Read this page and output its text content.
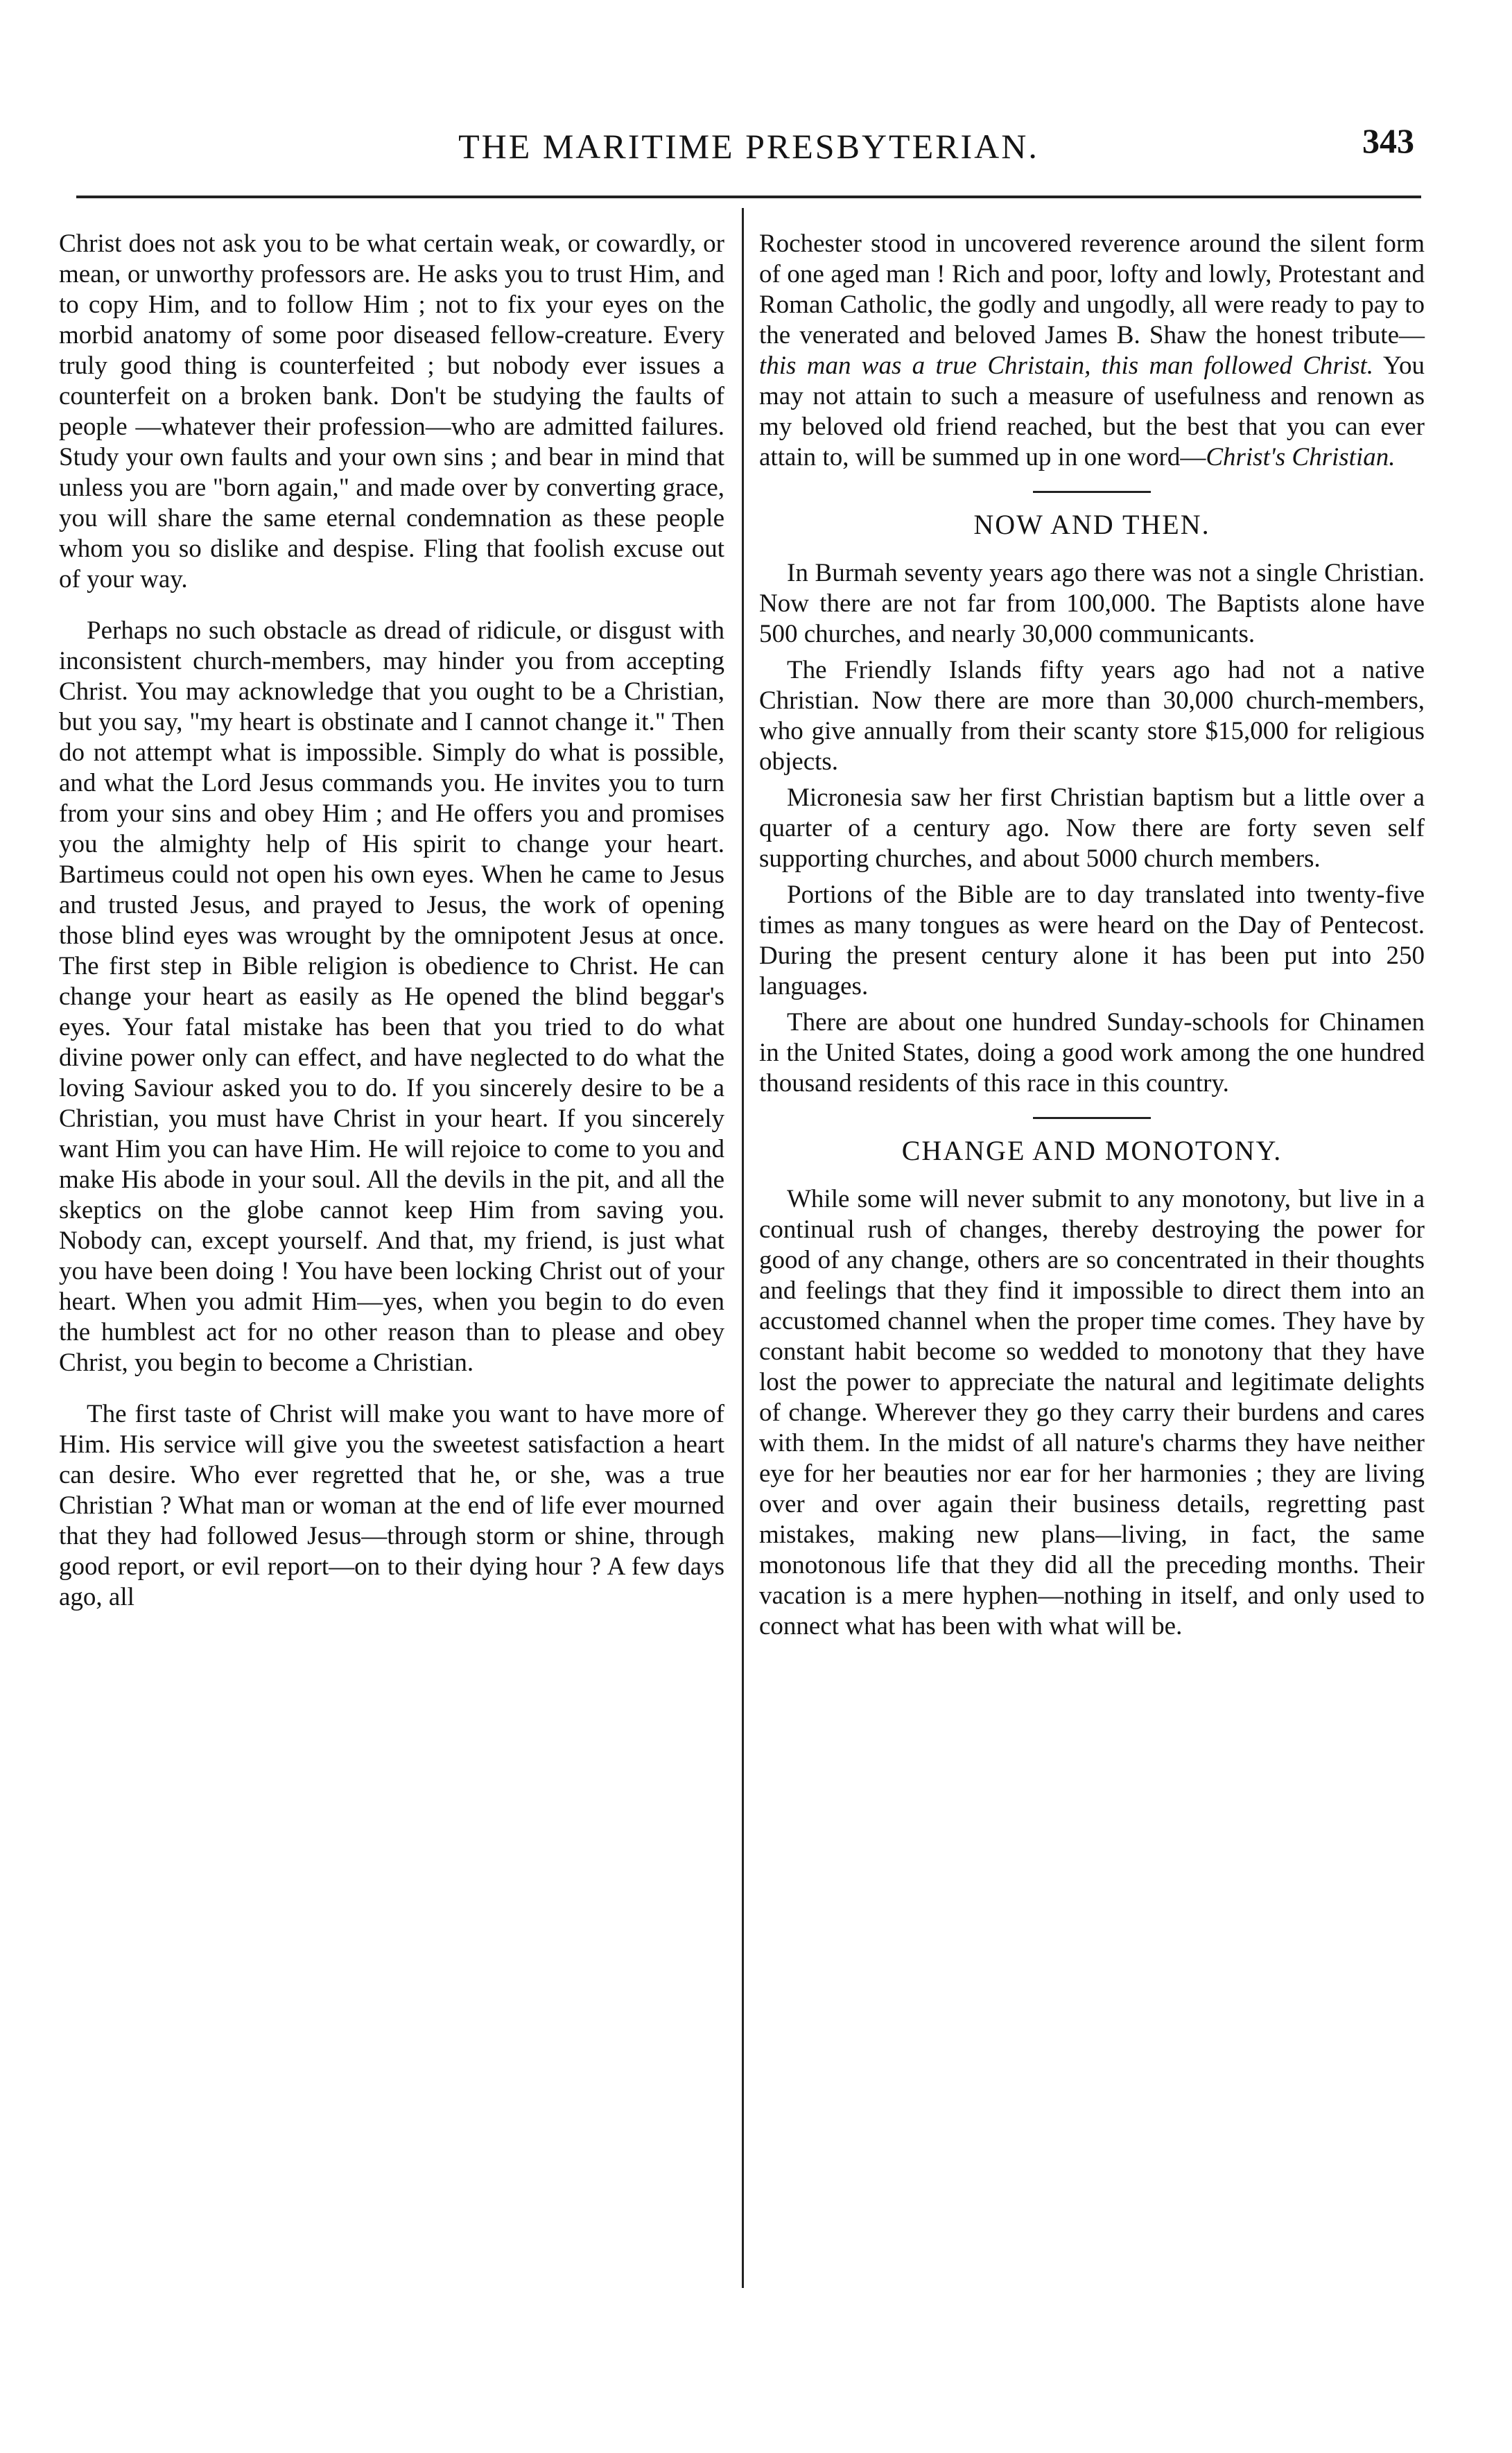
THE MARITIME PRESBYTERIAN.	343

Christ does not ask you to be what certain weak, or cowardly, or mean, or unworthy professors are. He asks you to trust Him, and to copy Him, and to follow Him ; not to fix your eyes on the morbid anatomy of some poor diseased fellow-creature. Every truly good thing is counterfeited ; but nobody ever issues a counterfeit on a broken bank. Don't be studying the faults of people —whatever their profession—who are admitted failures. Study your own faults and your own sins ; and bear in mind that unless you are "born again," and made over by converting grace, you will share the same eternal condemnation as these people whom you so dislike and despise. Fling that foolish excuse out of your way.

Perhaps no such obstacle as dread of ridicule, or disgust with inconsistent church-members, may hinder you from accepting Christ. You may acknowledge that you ought to be a Christian, but you say, "my heart is obstinate and I cannot change it." Then do not attempt what is impossible. Simply do what is possible, and what the Lord Jesus commands you. He invites you to turn from your sins and obey Him ; and He offers you and promises you the almighty help of His spirit to change your heart. Bartimeus could not open his own eyes. When he came to Jesus and trusted Jesus, and prayed to Jesus, the work of opening those blind eyes was wrought by the omnipotent Jesus at once. The first step in Bible religion is obedience to Christ. He can change your heart as easily as He opened the blind beggar's eyes. Your fatal mistake has been that you tried to do what divine power only can effect, and have neglected to do what the loving Saviour asked you to do. If you sincerely desire to be a Christian, you must have Christ in your heart. If you sincerely want Him you can have Him. He will rejoice to come to you and make His abode in your soul. All the devils in the pit, and all the skeptics on the globe cannot keep Him from saving you. Nobody can, except yourself. And that, my friend, is just what you have been doing ! You have been locking Christ out of your heart. When you admit Him—yes, when you begin to do even the humblest act for no other reason than to please and obey Christ, you begin to become a Christian.

The first taste of Christ will make you want to have more of Him. His service will give you the sweetest satisfaction a heart can desire. Who ever regretted that he, or she, was a true Christian ? What man or woman at the end of life ever mourned that they had followed Jesus—through storm or shine, through good report, or evil report—on to their dying hour ? A few days ago, all

Rochester stood in uncovered reverence around the silent form of one aged man ! Rich and poor, lofty and lowly, Protestant and Roman Catholic, the godly and ungodly, all were ready to pay to the venerated and beloved James B. Shaw the honest tribute—this man was a true Christain, this man followed Christ. You may not attain to such a measure of usefulness and renown as my beloved old friend reached, but the best that you can ever attain to, will be summed up in one word—Christ's Christian.

NOW AND THEN.

In Burmah seventy years ago there was not a single Christian. Now there are not far from 100,000. The Baptists alone have 500 churches, and nearly 30,000 communicants.

The Friendly Islands fifty years ago had not a native Christian. Now there are more than 30,000 church-members, who give annually from their scanty store $15,000 for religious objects.

Micronesia saw her first Christian baptism but a little over a quarter of a century ago. Now there are forty seven self supporting churches, and about 5000 church members.

Portions of the Bible are to day translated into twenty-five times as many tongues as were heard on the Day of Pentecost. During the present century alone it has been put into 250 languages.

There are about one hundred Sunday-schools for Chinamen in the United States, doing a good work among the one hundred thousand residents of this race in this country.

CHANGE AND MONOTONY.

While some will never submit to any monotony, but live in a continual rush of changes, thereby destroying the power for good of any change, others are so concentrated in their thoughts and feelings that they find it impossible to direct them into an accustomed channel when the proper time comes. They have by constant habit become so wedded to monotony that they have lost the power to appreciate the natural and legitimate delights of change. Wherever they go they carry their burdens and cares with them. In the midst of all nature's charms they have neither eye for her beauties nor ear for her harmonies ; they are living over and over again their business details, regretting past mistakes, making new plans—living, in fact, the same monotonous life that they did all the preceding months. Their vacation is a mere hyphen—nothing in itself, and only used to connect what has been with what will be.
